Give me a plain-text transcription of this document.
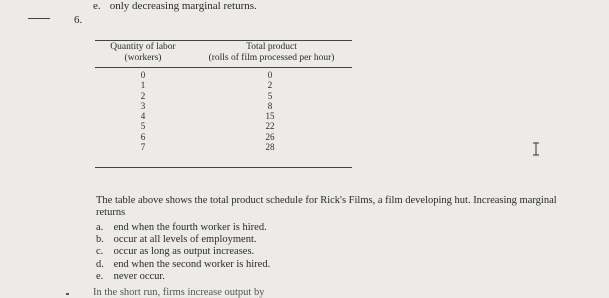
e. only decreasing marginal returns.
6.
Quantity of labor
(workers)
Total product
(rolls of film processed per hour)
0	0
1	2
2	5
3	8
4	15
5	22
6	26
7	28
The table above shows the total product schedule for Rick's Films, a film developing hut. Increasing marginal returns
a. end when the fourth worker is hired.
b. occur at all levels of employment.
c. occur as long as output increases.
d. end when the second worker is hired.
e. never occur.
In the short run, firms increase output by
